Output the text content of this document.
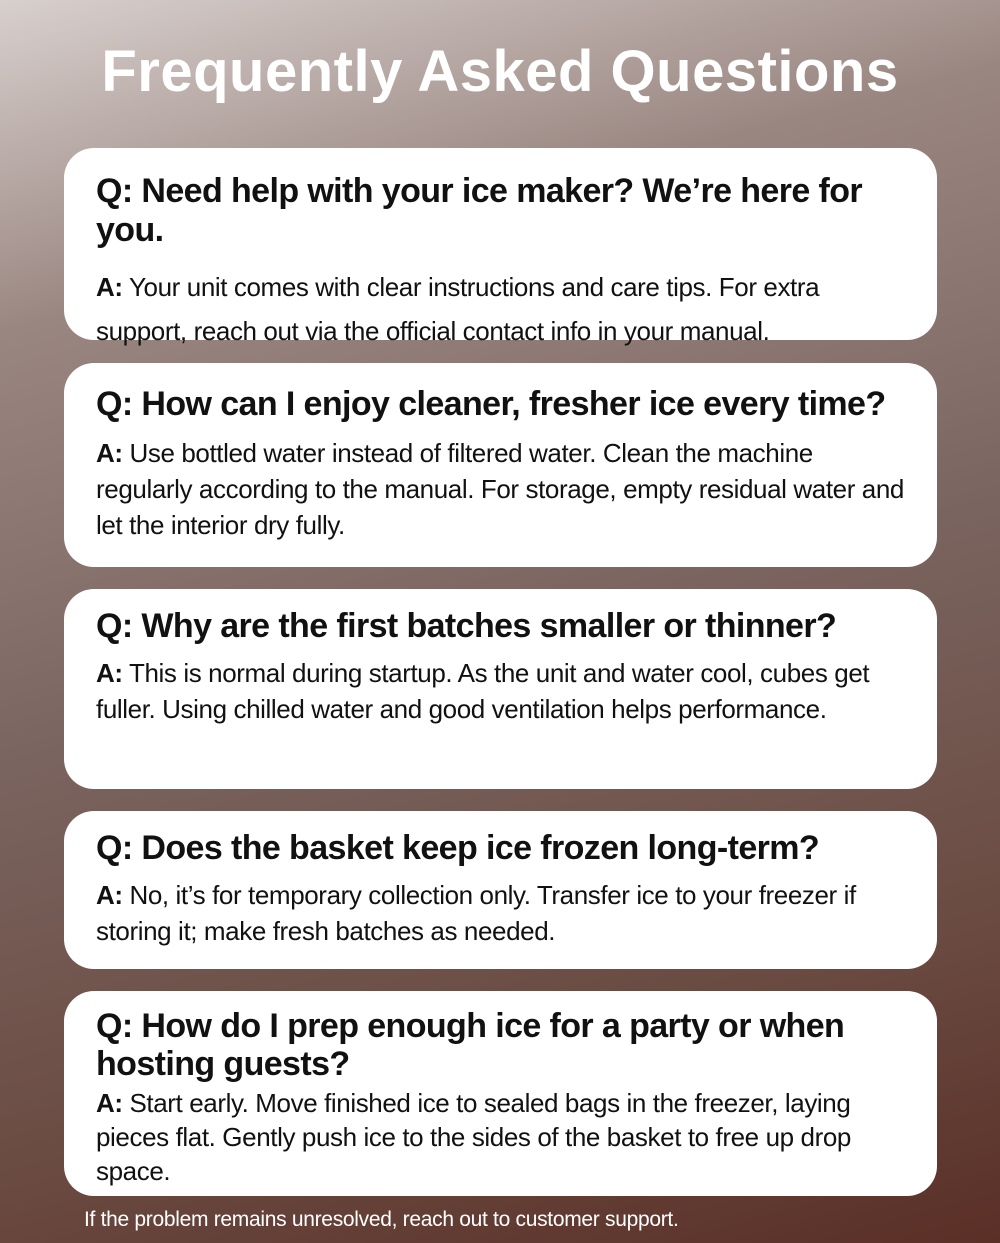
Frequently Asked Questions

Q: Need help with your ice maker? We’re here for you.

A: Your unit comes with clear instructions and care tips. For extra support, reach out via the official contact info in your manual.

Q: How can I enjoy cleaner, fresher ice every time?

A: Use bottled water instead of filtered water. Clean the machine regularly according to the manual. For storage, empty residual water and let the interior dry fully.

Q: Why are the first batches smaller or thinner?

A: This is normal during startup. As the unit and water cool, cubes get fuller. Using chilled water and good ventilation helps performance.

Q: Does the basket keep ice frozen long-term?

A: No, it’s for temporary collection only. Transfer ice to your freezer if storing it; make fresh batches as needed.

Q: How do I prep enough ice for a party or when hosting guests?

A: Start early. Move finished ice to sealed bags in the freezer, laying pieces flat. Gently push ice to the sides of the basket to free up drop space.

If the problem remains unresolved, reach out to customer support.
